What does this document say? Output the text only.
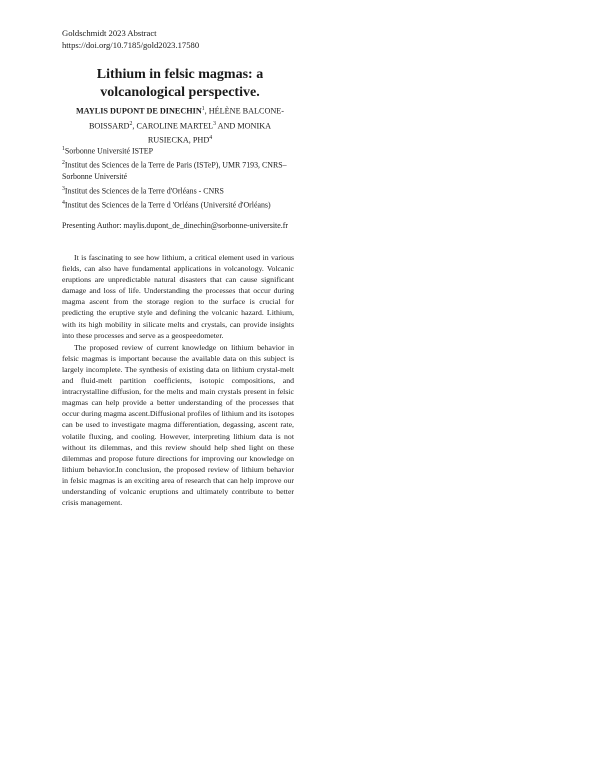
Goldschmidt 2023 Abstract
https://doi.org/10.7185/gold2023.17580
Lithium in felsic magmas: a
volcanological perspective.
MAYLIS DUPONT DE DINECHIN$^1$, HÉLÈNE BALCONE-
BOISSARD$^2$, CAROLINE MARTEL$^3$ AND MONIKA
RUSIECKA, PHD$^4$
$^1$Sorbonne Université ISTEP
$^2$Institut des Sciences de la Terre de Paris (ISTeP), UMR 7193, CNRS–Sorbonne Université
$^3$Institut des Sciences de la Terre d'Orléans - CNRS
$^4$Institut des Sciences de la Terre d 'Orléans (Université d'Orléans)
Presenting Author: maylis.dupont_de_dinechin@sorbonne-universite.fr

It is fascinating to see how lithium, a critical element used in various fields, can also have fundamental applications in volcanology. Volcanic eruptions are unpredictable natural disasters that can cause significant damage and loss of life. Understanding the processes that occur during magma ascent from the storage region to the surface is crucial for predicting the eruptive style and defining the volcanic hazard. Lithium, with its high mobility in silicate melts and crystals, can provide insights into these processes and serve as a geospeedometer.

The proposed review of current knowledge on lithium behavior in felsic magmas is important because the available data on this subject is largely incomplete. The synthesis of existing data on lithium crystal-melt and fluid-melt partition coefficients, isotopic compositions, and intracrystalline diffusion, for the melts and main crystals present in felsic magmas can help provide a better understanding of the processes that occur during magma ascent.Diffusional profiles of lithium and its isotopes can be used to investigate magma differentiation, degassing, ascent rate, volatile fluxing, and cooling. However, interpreting lithium data is not without its dilemmas, and this review should help shed light on these dilemmas and propose future directions for improving our knowledge on lithium behavior.In conclusion, the proposed review of lithium behavior in felsic magmas is an exciting area of research that can help improve our understanding of volcanic eruptions and ultimately contribute to better crisis management.
